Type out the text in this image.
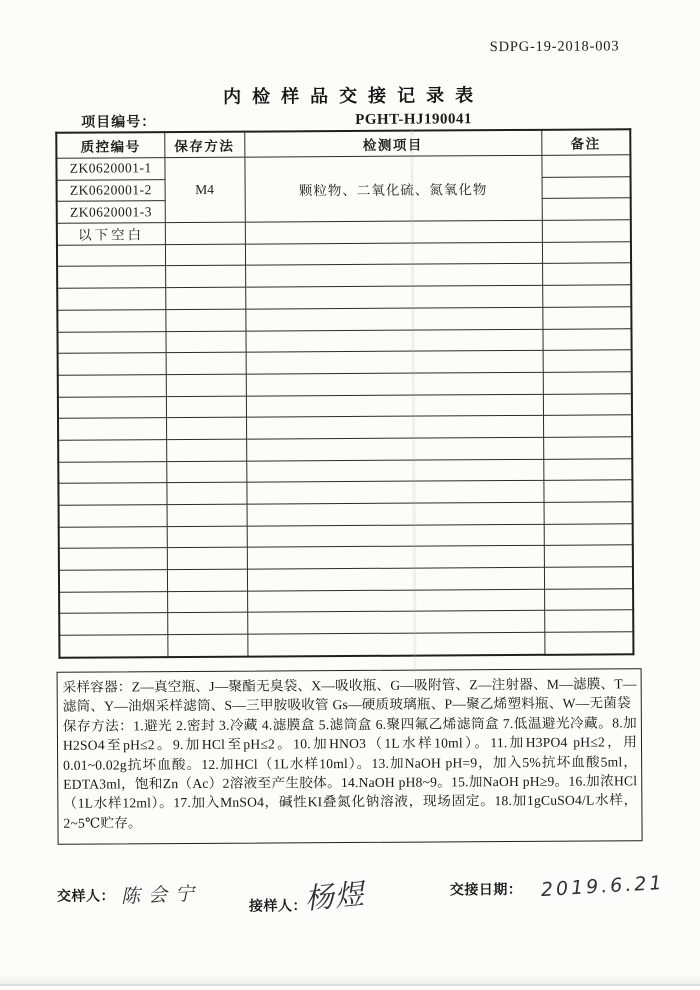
SDPG-19-2018-003
内检样品交接记录表
项目编号：	PGHT-HJ190041
质控编号	保存方法	检测项目	备注
ZK0620001-1	M4	颗粒物、二氧化硫、氮氧化物	
ZK0620001-2			
ZK0620001-3			
以下空白			

采样容器：Z—真空瓶、J—聚酯无臭袋、X—吸收瓶、G—吸附管、Z—注射器、M—滤膜、T—滤筒、Y—油烟采样滤筒、S—三甲胺吸收管 Gs—硬质玻璃瓶、P—聚乙烯塑料瓶、W—无菌袋

保存方法：1.避光 2.密封 3.冷藏 4.滤膜盒 5.滤筒盒 6.聚四氟乙烯滤筒盒 7.低温避光冷藏。8.加H2SO4至pH≤2。9.加HCl至pH≤2。10.加HNO3（1L水样10ml）。11.加H3PO4 pH≤2，用0.01~0.02g抗坏血酸。12.加HCl（1L水样10ml）。13.加NaOH pH=9，加入5%抗坏血酸5ml，EDTA3ml，饱和Zn（Ac）2溶液至产生胶体。14.NaOH pH8~9。15.加NaOH pH≥9。16.加浓HCl（1L水样12ml）。17.加入MnSO4，碱性KI叠氮化钠溶液，现场固定。18.加1gCuSO4/L水样，2~5℃贮存。

交样人： 陈会宁	接样人：杨煜	交接日期： 2019.6.21
